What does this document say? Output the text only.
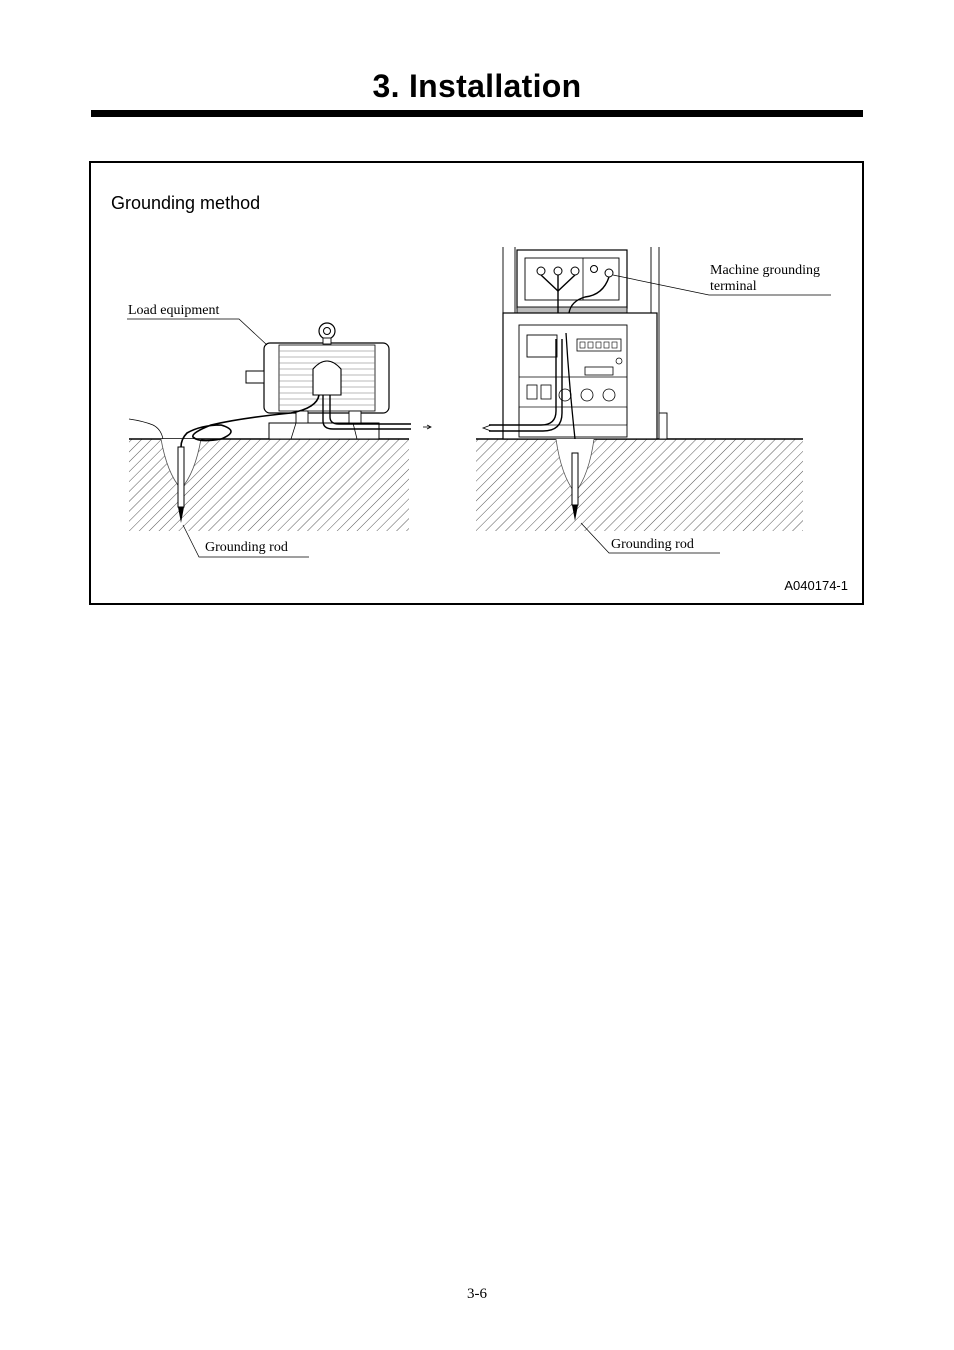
3. Installation
Grounding method
Load equipment
Grounding rod
Machine grounding
terminal
Grounding rod
A040174-1
3-6
